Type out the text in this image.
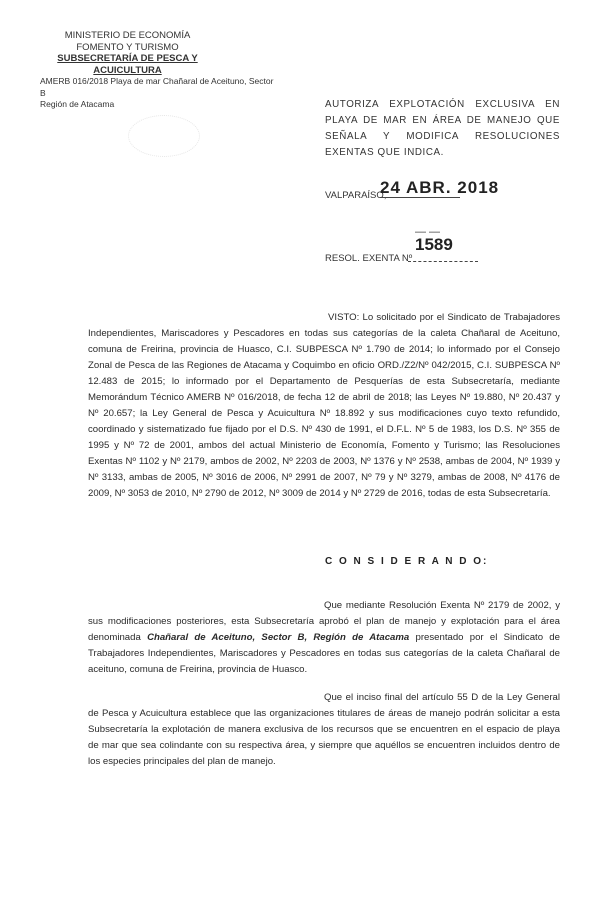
MINISTERIO DE ECONOMÍA
FOMENTO Y TURISMO
SUBSECRETARÍA DE PESCA Y ACUICULTURA
AMERB 016/2018 Playa de mar Chañaral de Aceituno, Sector B
Región de Atacama	AUTORIZA EXPLOTACIÓN EXCLUSIVA EN PLAYA DE MAR EN ÁREA DE MANEJO QUE SEÑALA Y MODIFICA RESOLUCIONES EXENTAS QUE INDICA.
VALPARAÍSO,
24 ABR. 2018
— —
1589
RESOL. EXENTA Nº
VISTO: Lo solicitado por el Sindicato de Trabajadores Independientes, Mariscadores y Pescadores en todas sus categorías de la caleta Chañaral de Aceituno, comuna de Freirina, provincia de Huasco, C.I. SUBPESCA Nº 1.790 de 2014; lo informado por el Consejo Zonal de Pesca de las Regiones de Atacama y Coquimbo en oficio ORD./Z2/Nº 042/2015, C.I. SUBPESCA Nº 12.483 de 2015; lo informado por el Departamento de Pesquerías de esta Subsecretaría, mediante Memorándum Técnico AMERB Nº 016/2018, de fecha 12 de abril de 2018; las Leyes Nº 19.880, Nº 20.437 y Nº 20.657; la Ley General de Pesca y Acuicultura Nº 18.892 y sus modificaciones cuyo texto refundido, coordinado y sistematizado fue fijado por el D.S. Nº 430 de 1991, el D.F.L. Nº 5 de 1983, los D.S. Nº 355 de 1995 y Nº 72 de 2001, ambos del actual Ministerio de Economía, Fomento y Turismo; las Resoluciones Exentas Nº 1102 y Nº 2179, ambos de 2002, Nº 2203 de 2003, Nº 1376 y Nº 2538, ambas de 2004, Nº 1939 y Nº 3133, ambas de 2005, Nº 3016 de 2006, Nº 2991 de 2007, Nº 79 y Nº 3279, ambas de 2008, Nº 4176 de 2009, Nº 3053 de 2010, Nº 2790 de 2012, Nº 3009 de 2014 y Nº 2729 de 2016, todas de esta Subsecretaría.
C O N S I D E R A N D O:
Que mediante Resolución Exenta Nº 2179 de 2002, y sus modificaciones posteriores, esta Subsecretaría aprobó el plan de manejo y explotación para el área denominada Chañaral de Aceituno, Sector B, Región de Atacama presentado por el Sindicato de Trabajadores Independientes, Mariscadores y Pescadores en todas sus categorías de la caleta Chañaral de aceituno, comuna de Freirina, provincia de Huasco.
Que el inciso final del artículo 55 D de la Ley General de Pesca y Acuicultura establece que las organizaciones titulares de áreas de manejo podrán solicitar a esta Subsecretaría la explotación de manera exclusiva de los recursos que se encuentren en el espacio de playa de mar que sea colindante con su respectiva área, y siempre que aquéllos se encuentren incluidos dentro de los especies principales del plan de manejo.
